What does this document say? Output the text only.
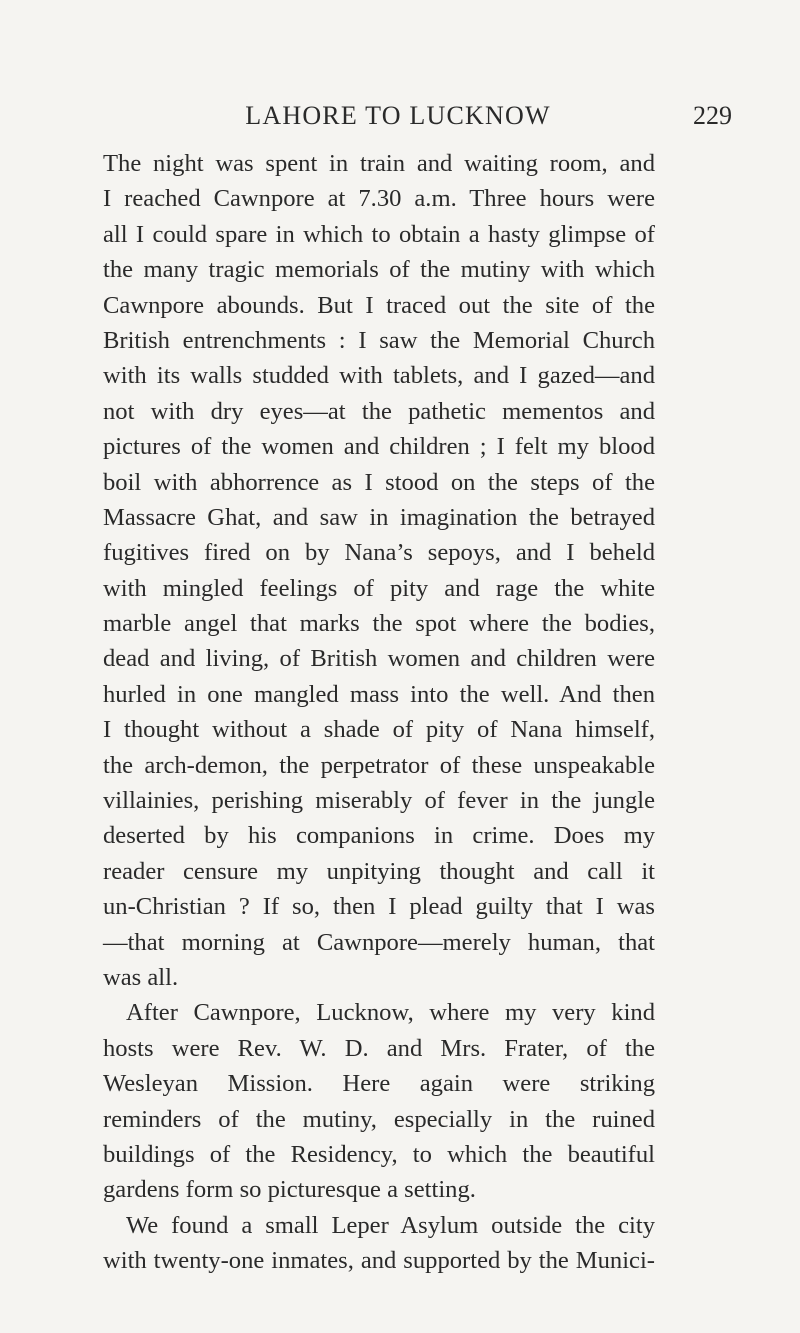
LAHORE TO LUCKNOW	229
The night was spent in train and waiting room, and
I reached Cawnpore at 7.30 a.m. Three hours were
all I could spare in which to obtain a hasty glimpse of
the many tragic memorials of the mutiny with which
Cawnpore abounds. But I traced out the site of the
British entrenchments : I saw the Memorial Church
with its walls studded with tablets, and I gazed—and
not with dry eyes—at the pathetic mementos and
pictures of the women and children ; I felt my blood
boil with abhorrence as I stood on the steps of the
Massacre Ghat, and saw in imagination the betrayed
fugitives fired on by Nana’s sepoys, and I beheld
with mingled feelings of pity and rage the white
marble angel that marks the spot where the bodies,
dead and living, of British women and children were
hurled in one mangled mass into the well. And then
I thought without a shade of pity of Nana himself,
the arch-demon, the perpetrator of these unspeakable
villainies, perishing miserably of fever in the jungle
deserted by his companions in crime. Does my
reader censure my unpitying thought and call it
un-Christian ? If so, then I plead guilty that I was
—that morning at Cawnpore—merely human, that
was all.
After Cawnpore, Lucknow, where my very kind
hosts were Rev. W. D. and Mrs. Frater, of the
Wesleyan Mission. Here again were striking
reminders of the mutiny, especially in the ruined
buildings of the Residency, to which the beautiful
gardens form so picturesque a setting.
We found a small Leper Asylum outside the city
with twenty-one inmates, and supported by the Munici-
